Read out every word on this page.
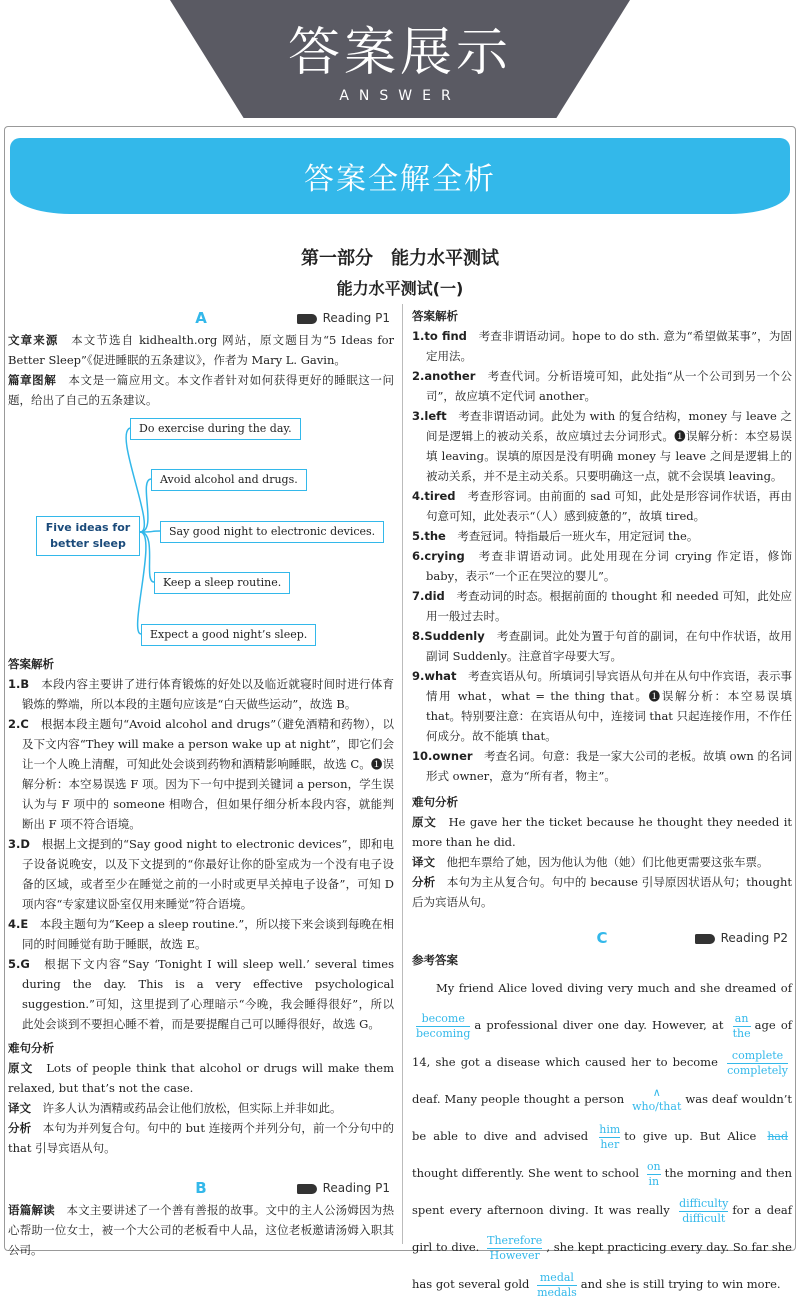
答案展示
ANSWER
答案全解全析
第一部分　能力水平测试
能力水平测试(一)
A	Reading P1

文章来源　 本文节选自 kidhealth.org 网站，原文题目为“5 Ideas for Better Sleep”《促进睡眠的五条建议》，作者为 Mary L. Gavin。

篇章图解　 本文是一篇应用文。本文作者针对如何获得更好的睡眠这一问题，给出了自己的五条建议。

Five ideas for better sleep
Do exercise during the day.
Avoid alcohol and drugs.
Say good night to electronic devices.
Keep a sleep routine.
Expect a good night’s sleep.
答案解析
1.B　 本段内容主要讲了进行体育锻炼的好处以及临近就寝时间时进行体育锻炼的弊端，所以本段的主题句应该是“白天做些运动”，故选 B。
2.C　 根据本段主题句“Avoid alcohol and drugs”（避免酒精和药物），以及下文内容“They will make a person wake up at night”，即它们会让一个人晚上清醒，可知此处会谈到药物和酒精影响睡眠，故选 C。❶误解分析：本空易误选 F 项。因为下一句中提到关键词 a person，学生误认为与 F 项中的 someone 相吻合，但如果仔细分析本段内容，就能判断出 F 项不符合语境。
3.D　 根据上文提到的“Say good night to electronic devices”，即和电子设备说晚安，以及下文提到的“你最好让你的卧室成为一个没有电子设备的区域，或者至少在睡觉之前的一小时或更早关掉电子设备”，可知 D 项内容“专家建议卧室仅用来睡觉”符合语境。
4.E　 本段主题句为“Keep a sleep routine.”，所以接下来会谈到每晚在相同的时间睡觉有助于睡眠，故选 E。
5.G　 根据下文内容“Say ‘Tonight I will sleep well.’ several times during the day. This is a very effective psychological suggestion.”可知，这里提到了心理暗示“今晚，我会睡得很好”，所以此处会谈到不要担心睡不着，而是要提醒自己可以睡得很好，故选 G。
难句分析

原文　 Lots of people think that alcohol or drugs will make them relaxed, but that’s not the case.

译文　 许多人认为酒精或药品会让他们放松，但实际上并非如此。

分析　 本句为并列复合句。句中的 but 连接两个并列分句，前一个分句中的 that 引导宾语从句。

B	Reading P1

语篇解读　 本文主要讲述了一个善有善报的故事。文中的主人公汤姆因为热心帮助一位女士，被一个大公司的老板看中人品，这位老板邀请汤姆入职其公司。

答案解析
1.to find　 考查非谓语动词。hope to do sth. 意为“希望做某事”，为固定用法。
2.another　 考查代词。分析语境可知，此处指“从一个公司到另一个公司”，故应填不定代词 another。
3.left　 考查非谓语动词。此处为 with 的复合结构，money 与 leave 之间是逻辑上的被动关系，故应填过去分词形式。❶误解分析：本空易误填 leaving。误填的原因是没有明确 money 与 leave 之间是逻辑上的被动关系，并不是主动关系。只要明确这一点，就不会误填 leaving。
4.tired　 考查形容词。由前面的 sad 可知，此处是形容词作状语，再由句意可知，此处表示“（人）感到疲惫的”，故填 tired。
5.the　 考查冠词。特指最后一班火车，用定冠词 the。
6.crying　 考查非谓语动词。此处用现在分词 crying 作定语，修饰 baby，表示“一个正在哭泣的婴儿”。
7.did　 考查动词的时态。根据前面的 thought 和 needed 可知，此处应用一般过去时。
8.Suddenly　 考查副词。此处为置于句首的副词，在句中作状语，故用副词 Suddenly。注意首字母要大写。
9.what　 考查宾语从句。所填词引导宾语从句并在从句中作宾语，表示事情用 what，what = the thing that。❶误解分析：本空易误填 that。特别要注意：在宾语从句中，连接词 that 只起连接作用，不作任何成分。故不能填 that。
10.owner　 考查名词。句意：我是一家大公司的老板。故填 own 的名词形式 owner，意为“所有者，物主”。
难句分析

原文　 He gave her the ticket because he thought they needed it more than he did.

译文　 他把车票给了她，因为他认为他（她）们比他更需要这张车票。

分析　 本句为主从复合句。句中的 because 引导原因状语从句；thought 后为宾语从句。

C	Reading P2
参考答案
My friend Alice loved diving very much and she dreamed of
become
becoming
a professional diver one day. However, at an
the
age of 14, she got a disease which caused her to become	complete
completely
deaf. Many people thought a person	∧
who/that
was deaf wouldn’t be able to dive and advised him
her
to give up. But Alice had
thought differently. She went to school $\frac{on}{in}$ the morning and then spent every afternoon diving. It was really difficulty
difficult
for a deaf girl to dive. Therefore
However
, she kept practicing every day. So far she has got several gold medal
medals
and she is still trying to win more.
